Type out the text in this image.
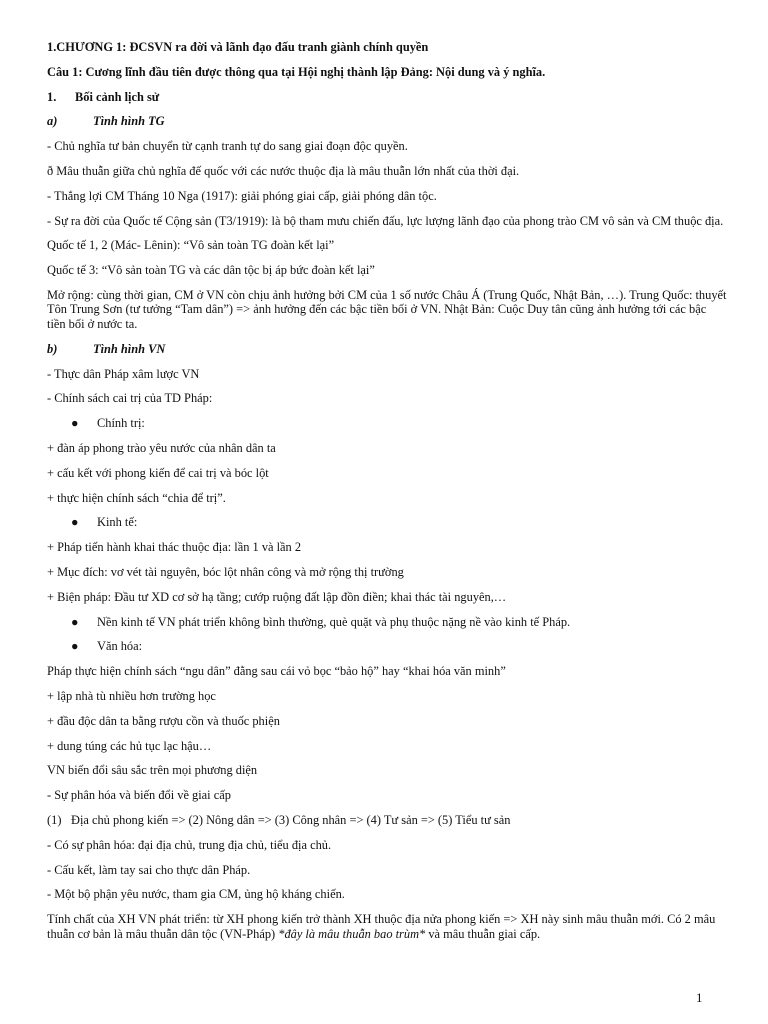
1.CHƯƠNG 1: ĐCSVN ra đời và lãnh đạo đấu tranh giành chính quyền

Câu 1: Cương lĩnh đầu tiên được thông qua tại Hội nghị thành lập Đảng: Nội dung và ý nghĩa.

1. Bối cảnh lịch sử

a)	Tình hình TG

- Chủ nghĩa tư bản chuyển từ cạnh tranh tự do sang giai đoạn độc quyền.

ð Mâu thuẫn giữa chủ nghĩa đế quốc với các nước thuộc địa là mâu thuẫn lớn nhất của thời đại.

- Thắng lợi CM Tháng 10 Nga (1917): giải phóng giai cấp, giải phóng dân tộc.

- Sự ra đời của Quốc tế Cộng sản (T3/1919): là bộ tham mưu chiến đấu, lực lượng lãnh đạo của phong trào CM vô sản và CM thuộc địa.

Quốc tế 1, 2 (Mác- Lênin): “Vô sản toàn TG đoàn kết lại”

Quốc tế 3: “Vô sản toàn TG và các dân tộc bị áp bức đoàn kết lại”

Mở rộng: cùng thời gian, CM ở VN còn chịu ảnh hưởng bởi CM của 1 số nước Châu Á (Trung Quốc, Nhật Bản, …). Trung Quốc: thuyết Tôn Trung Sơn (tư tưởng “Tam dân”) => ảnh hưởng đến các bậc tiền bối ở VN. Nhật Bản: Cuộc Duy tân cũng ảnh hưởng tới các bậc tiền bối ở nước ta.

b)	Tình hình VN

- Thực dân Pháp xâm lược VN

- Chính sách cai trị của TD Pháp:

● Chính trị:

+ đàn áp phong trào yêu nước của nhân dân ta

+ cấu kết với phong kiến để cai trị và bóc lột

+ thực hiện chính sách “chia để trị”.

● Kinh tế:

+ Pháp tiến hành khai thác thuộc địa: lần 1 và lần 2

+ Mục đích: vơ vét tài nguyên, bóc lột nhân công và mở rộng thị trường

+ Biện pháp: Đầu tư XD cơ sở hạ tầng; cướp ruộng đất lập đồn điền; khai thác tài nguyên,…

● Nền kinh tế VN phát triển không bình thường, què quặt và phụ thuộc nặng nề vào kinh tế Pháp.

● Văn hóa:

Pháp thực hiện chính sách “ngu dân” đằng sau cái vỏ bọc “bảo hộ” hay “khai hóa văn minh”

+ lập nhà tù nhiều hơn trường học

+ đầu độc dân ta bằng rượu cồn và thuốc phiện

+ dung túng các hủ tục lạc hậu…

VN biến đổi sâu sắc trên mọi phương diện

- Sự phân hóa và biến đổi về giai cấp

(1) Địa chủ phong kiến => (2) Nông dân => (3) Công nhân => (4) Tư sản => (5) Tiểu tư sản

- Có sự phân hóa: đại địa chủ, trung địa chủ, tiểu địa chủ.

- Cấu kết, làm tay sai cho thực dân Pháp.

- Một bộ phận yêu nước, tham gia CM, ủng hộ kháng chiến.

Tính chất của XH VN phát triển: từ XH phong kiến trở thành XH thuộc địa nửa phong kiến => XH này sinh mâu thuẫn mới. Có 2 mâu thuẫn cơ bản là mâu thuẫn dân tộc (VN-Pháp) *đây là mâu thuẫn bao trùm* và mâu thuẫn giai cấp.

1
